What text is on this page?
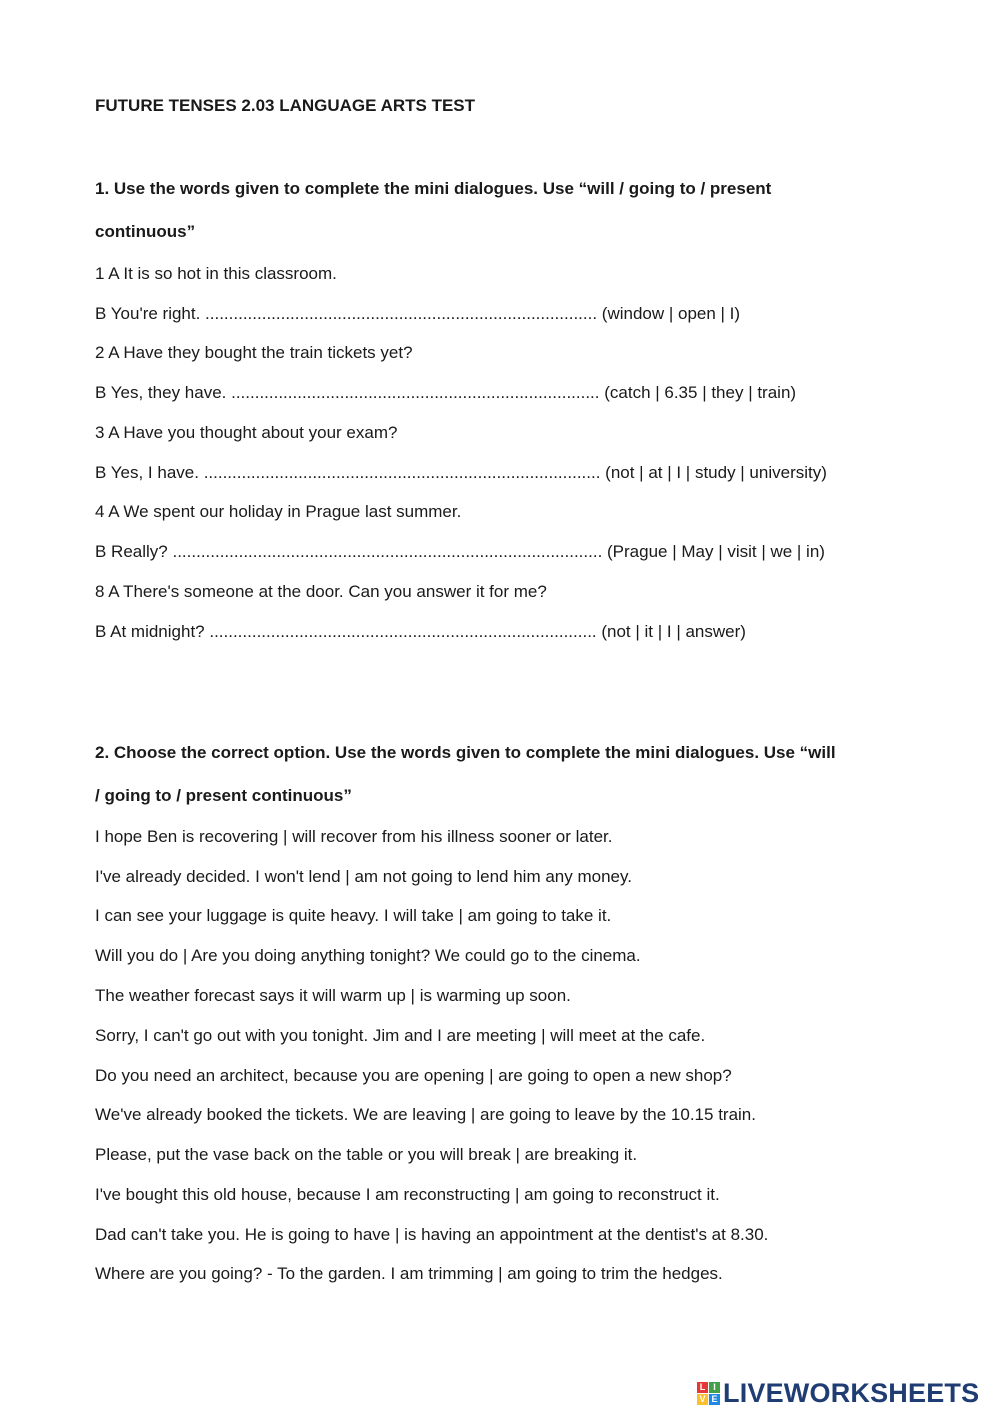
FUTURE TENSES 2.03 LANGUAGE ARTS TEST
1. Use the words given to complete the mini dialogues. Use “will / going to / present
continuous”
1 A It is so hot in this classroom.
B You're right. ................................................................................... (window | open | I)
2 A Have they bought the train tickets yet?
B Yes, they have. .............................................................................. (catch | 6.35 | they | train)
3 A Have you thought about your exam?
B Yes, I have. .................................................................................... (not | at | I | study | university)
4 A We spent our holiday in Prague last summer.
B Really? ........................................................................................... (Prague | May | visit | we | in)
8 A There's someone at the door. Can you answer it for me?
B At midnight? .................................................................................. (not | it | I | answer)
2. Choose the correct option. Use the words given to complete the mini dialogues. Use “will
/ going to / present continuous”
I hope Ben is recovering | will recover from his illness sooner or later.
I've already decided. I won't lend | am not going to lend him any money.
I can see your luggage is quite heavy. I will take | am going to take it.
Will you do | Are you doing anything tonight? We could go to the cinema.
The weather forecast says it will warm up | is warming up soon.
Sorry, I can't go out with you tonight. Jim and I are meeting | will meet at the cafe.
Do you need an architect, because you are opening | are going to open a new shop?
We've already booked the tickets. We are leaving | are going to leave by the 10.15 train.
Please, put the vase back on the table or you will break | are breaking it.
I've bought this old house, because I am reconstructing | am going to reconstruct it.
Dad can't take you. He is going to have | is having an appointment at the dentist's at 8.30.
Where are you going? - To the garden. I am trimming | am going to trim the hedges.
L I
V E LIVEWORKSHEETS
